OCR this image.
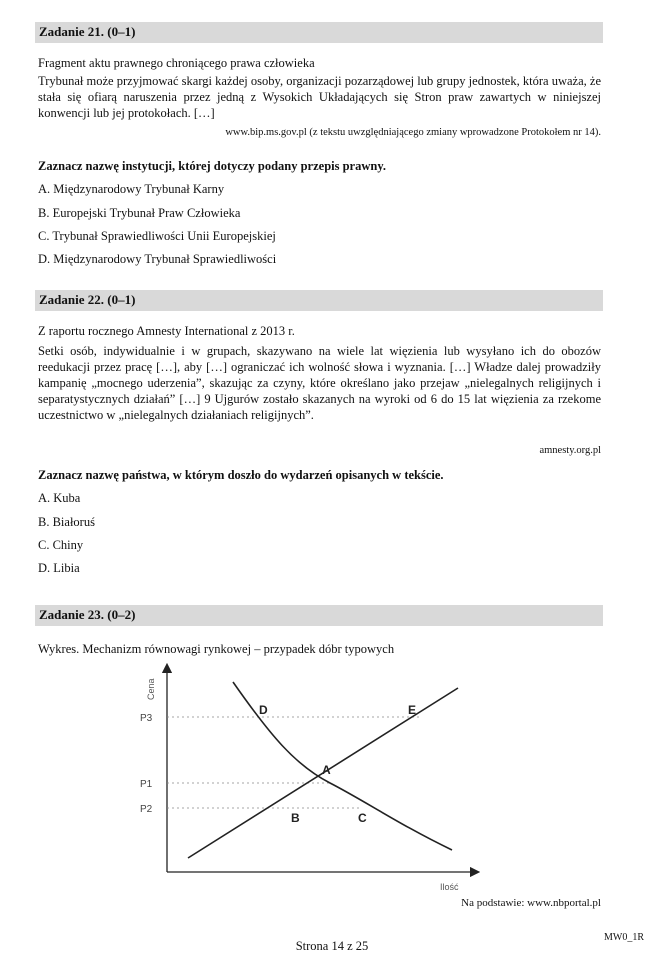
Zadanie 21. (0–1)
Fragment aktu prawnego chroniącego prawa człowieka
Trybunał może przyjmować skargi każdej osoby, organizacji pozarządowej lub grupy jednostek, która uważa, że stała się ofiarą naruszenia przez jedną z Wysokich Układających się Stron praw zawartych w niniejszej konwencji lub jej protokołach. […]
www.bip.ms.gov.pl (z tekstu uwzględniającego zmiany wprowadzone Protokołem nr 14).
Zaznacz nazwę instytucji, której dotyczy podany przepis prawny.
A. Międzynarodowy Trybunał Karny
B. Europejski Trybunał Praw Człowieka
C. Trybunał Sprawiedliwości Unii Europejskiej
D. Międzynarodowy Trybunał Sprawiedliwości
Zadanie 22. (0–1)
Z raportu rocznego Amnesty International z 2013 r.
Setki osób, indywidualnie i w grupach, skazywano na wiele lat więzienia lub wysyłano ich do obozów reedukacji przez pracę […], aby […] ograniczać ich wolność słowa i wyznania. […] Władze dalej prowadziły kampanię „mocnego uderzenia”, skazując za czyny, które określano jako przejaw „nielegalnych religijnych i separatystycznych działań” […] 9 Ujgurów zostało skazanych na wyroki od 6 do 15 lat więzienia za rzekome uczestnictwo w „nielegalnych działaniach religijnych”.
amnesty.org.pl
Zaznacz nazwę państwa, w którym doszło do wydarzeń opisanych w tekście.
A. Kuba
B. Białoruś
C. Chiny
D. Libia
Zadanie 23. (0–2)
Wykres. Mechanizm równowagi rynkowej – przypadek dóbr typowych
Cena
Ilość
P3
P1
P2
D	E
A
B	C
Na podstawie: www.nbportal.pl
Strona 14 z 25
MW0_1R
